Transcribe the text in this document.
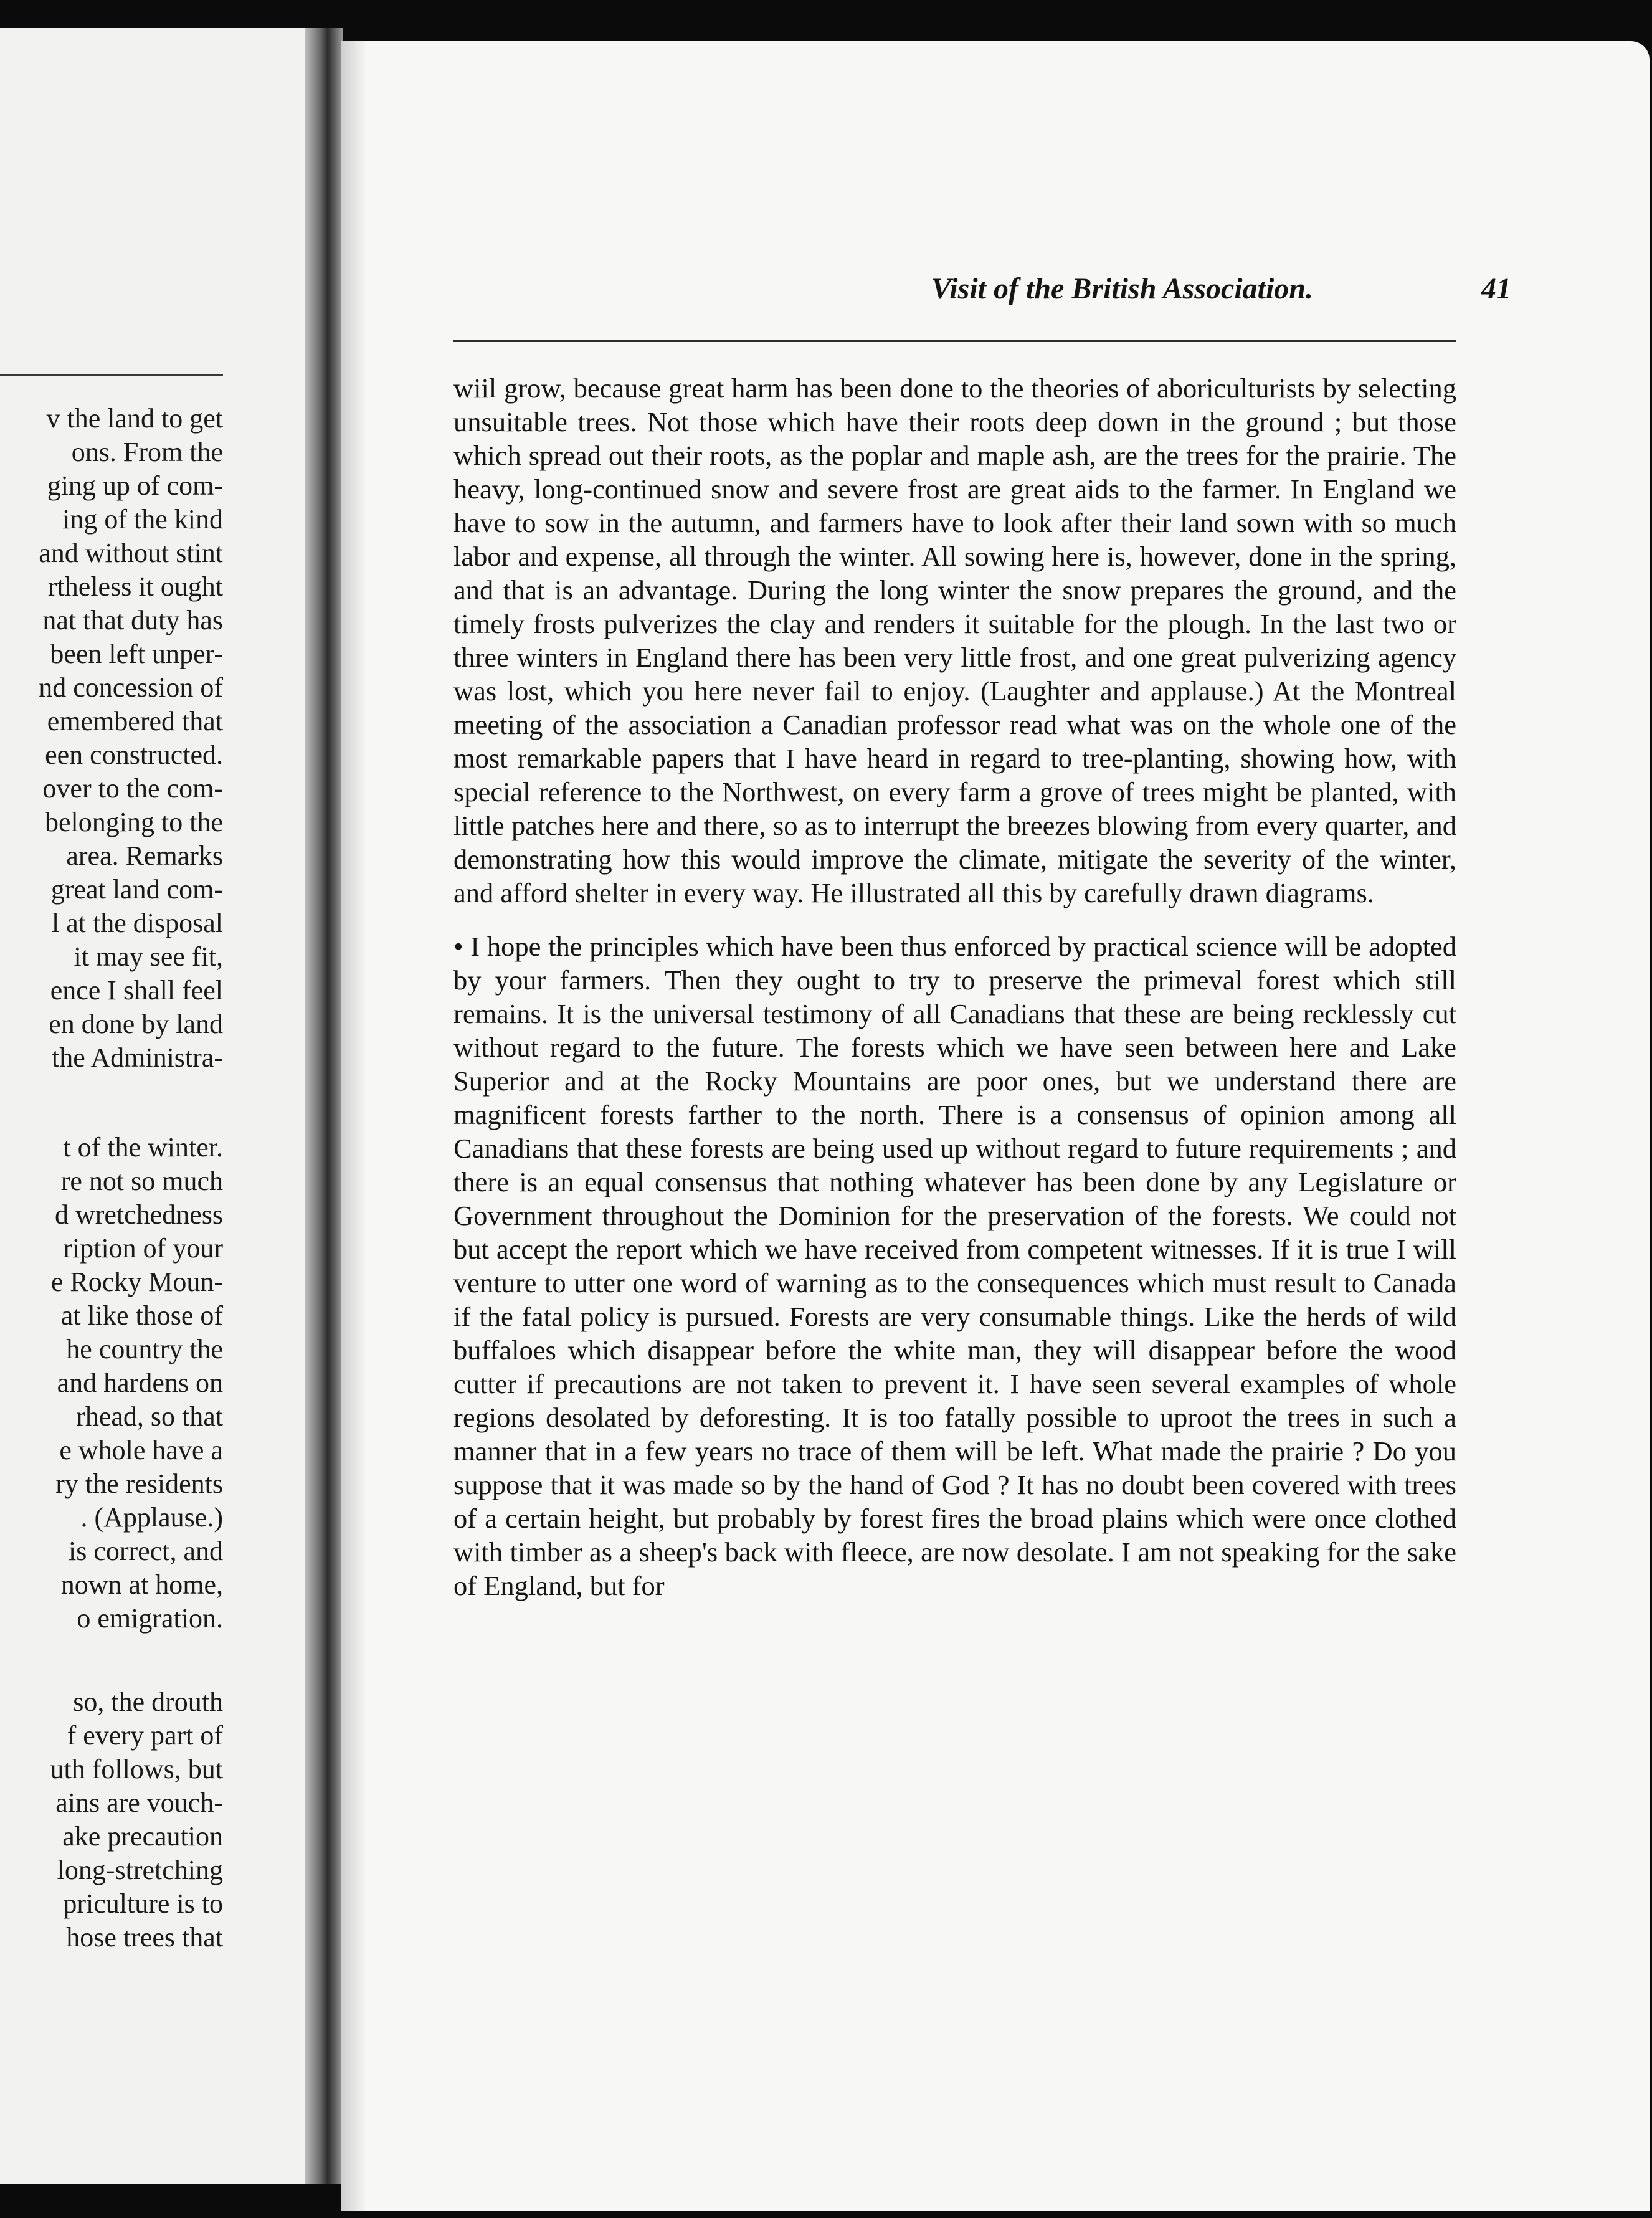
v the land to get
ons. From the
ging up of com-
ing of the kind
and without stint
rtheless it ought
nat that duty has
been left unper-
nd concession of
emembered that
een constructed.
over to the com-
belonging to the
area. Remarks
great land com-
l at the disposal
it may see fit,
ence I shall feel
en done by land
the Administra-
t of the winter.
re not so much
d wretchedness
ription of your
e Rocky Moun-
at like those of
he country the
and hardens on
rhead, so that
e whole have a
ry the residents
. (Applause.)
is correct, and
nown at home,
o emigration.
so, the drouth
f every part of
uth follows, but
ains are vouch-
ake precaution
long-stretching
priculture is to
hose trees that
Visit of the British Association.	41

wiil grow, because great harm has been done to the theories of aboriculturists by selecting unsuitable trees. Not those which have their roots deep down in the ground ; but those which spread out their roots, as the poplar and maple ash, are the trees for the prairie. The heavy, long-continued snow and severe frost are great aids to the farmer. In England we have to sow in the autumn, and farmers have to look after their land sown with so much labor and expense, all through the winter. All sowing here is, however, done in the spring, and that is an advantage. During the long winter the snow prepares the ground, and the timely frosts pulverizes the clay and renders it suitable for the plough. In the last two or three winters in England there has been very little frost, and one great pulverizing agency was lost, which you here never fail to enjoy. (Laughter and applause.) At the Montreal meeting of the association a Canadian professor read what was on the whole one of the most remarkable papers that I have heard in regard to tree-planting, showing how, with special reference to the Northwest, on every farm a grove of trees might be planted, with little patches here and there, so as to interrupt the breezes blowing from every quarter, and demonstrating how this would improve the climate, mitigate the severity of the winter, and afford shelter in every way. He illustrated all this by carefully drawn diagrams.

• I hope the principles which have been thus enforced by practical science will be adopted by your farmers. Then they ought to try to preserve the primeval forest which still remains. It is the universal testimony of all Canadians that these are being recklessly cut without regard to the future. The forests which we have seen between here and Lake Superior and at the Rocky Mountains are poor ones, but we understand there are magnificent forests farther to the north. There is a consensus of opinion among all Canadians that these forests are being used up without regard to future requirements ; and there is an equal consensus that nothing whatever has been done by any Legislature or Government throughout the Dominion for the preservation of the forests. We could not but accept the report which we have received from competent witnesses. If it is true I will venture to utter one word of warning as to the consequences which must result to Canada if the fatal policy is pursued. Forests are very consumable things. Like the herds of wild buffaloes which disappear before the white man, they will disappear before the wood cutter if precautions are not taken to prevent it. I have seen several examples of whole regions desolated by deforesting. It is too fatally possible to uproot the trees in such a manner that in a few years no trace of them will be left. What made the prairie ? Do you suppose that it was made so by the hand of God ? It has no doubt been covered with trees of a certain height, but probably by forest fires the broad plains which were once clothed with timber as a sheep's back with fleece, are now desolate. I am not speaking for the sake of England, but for
